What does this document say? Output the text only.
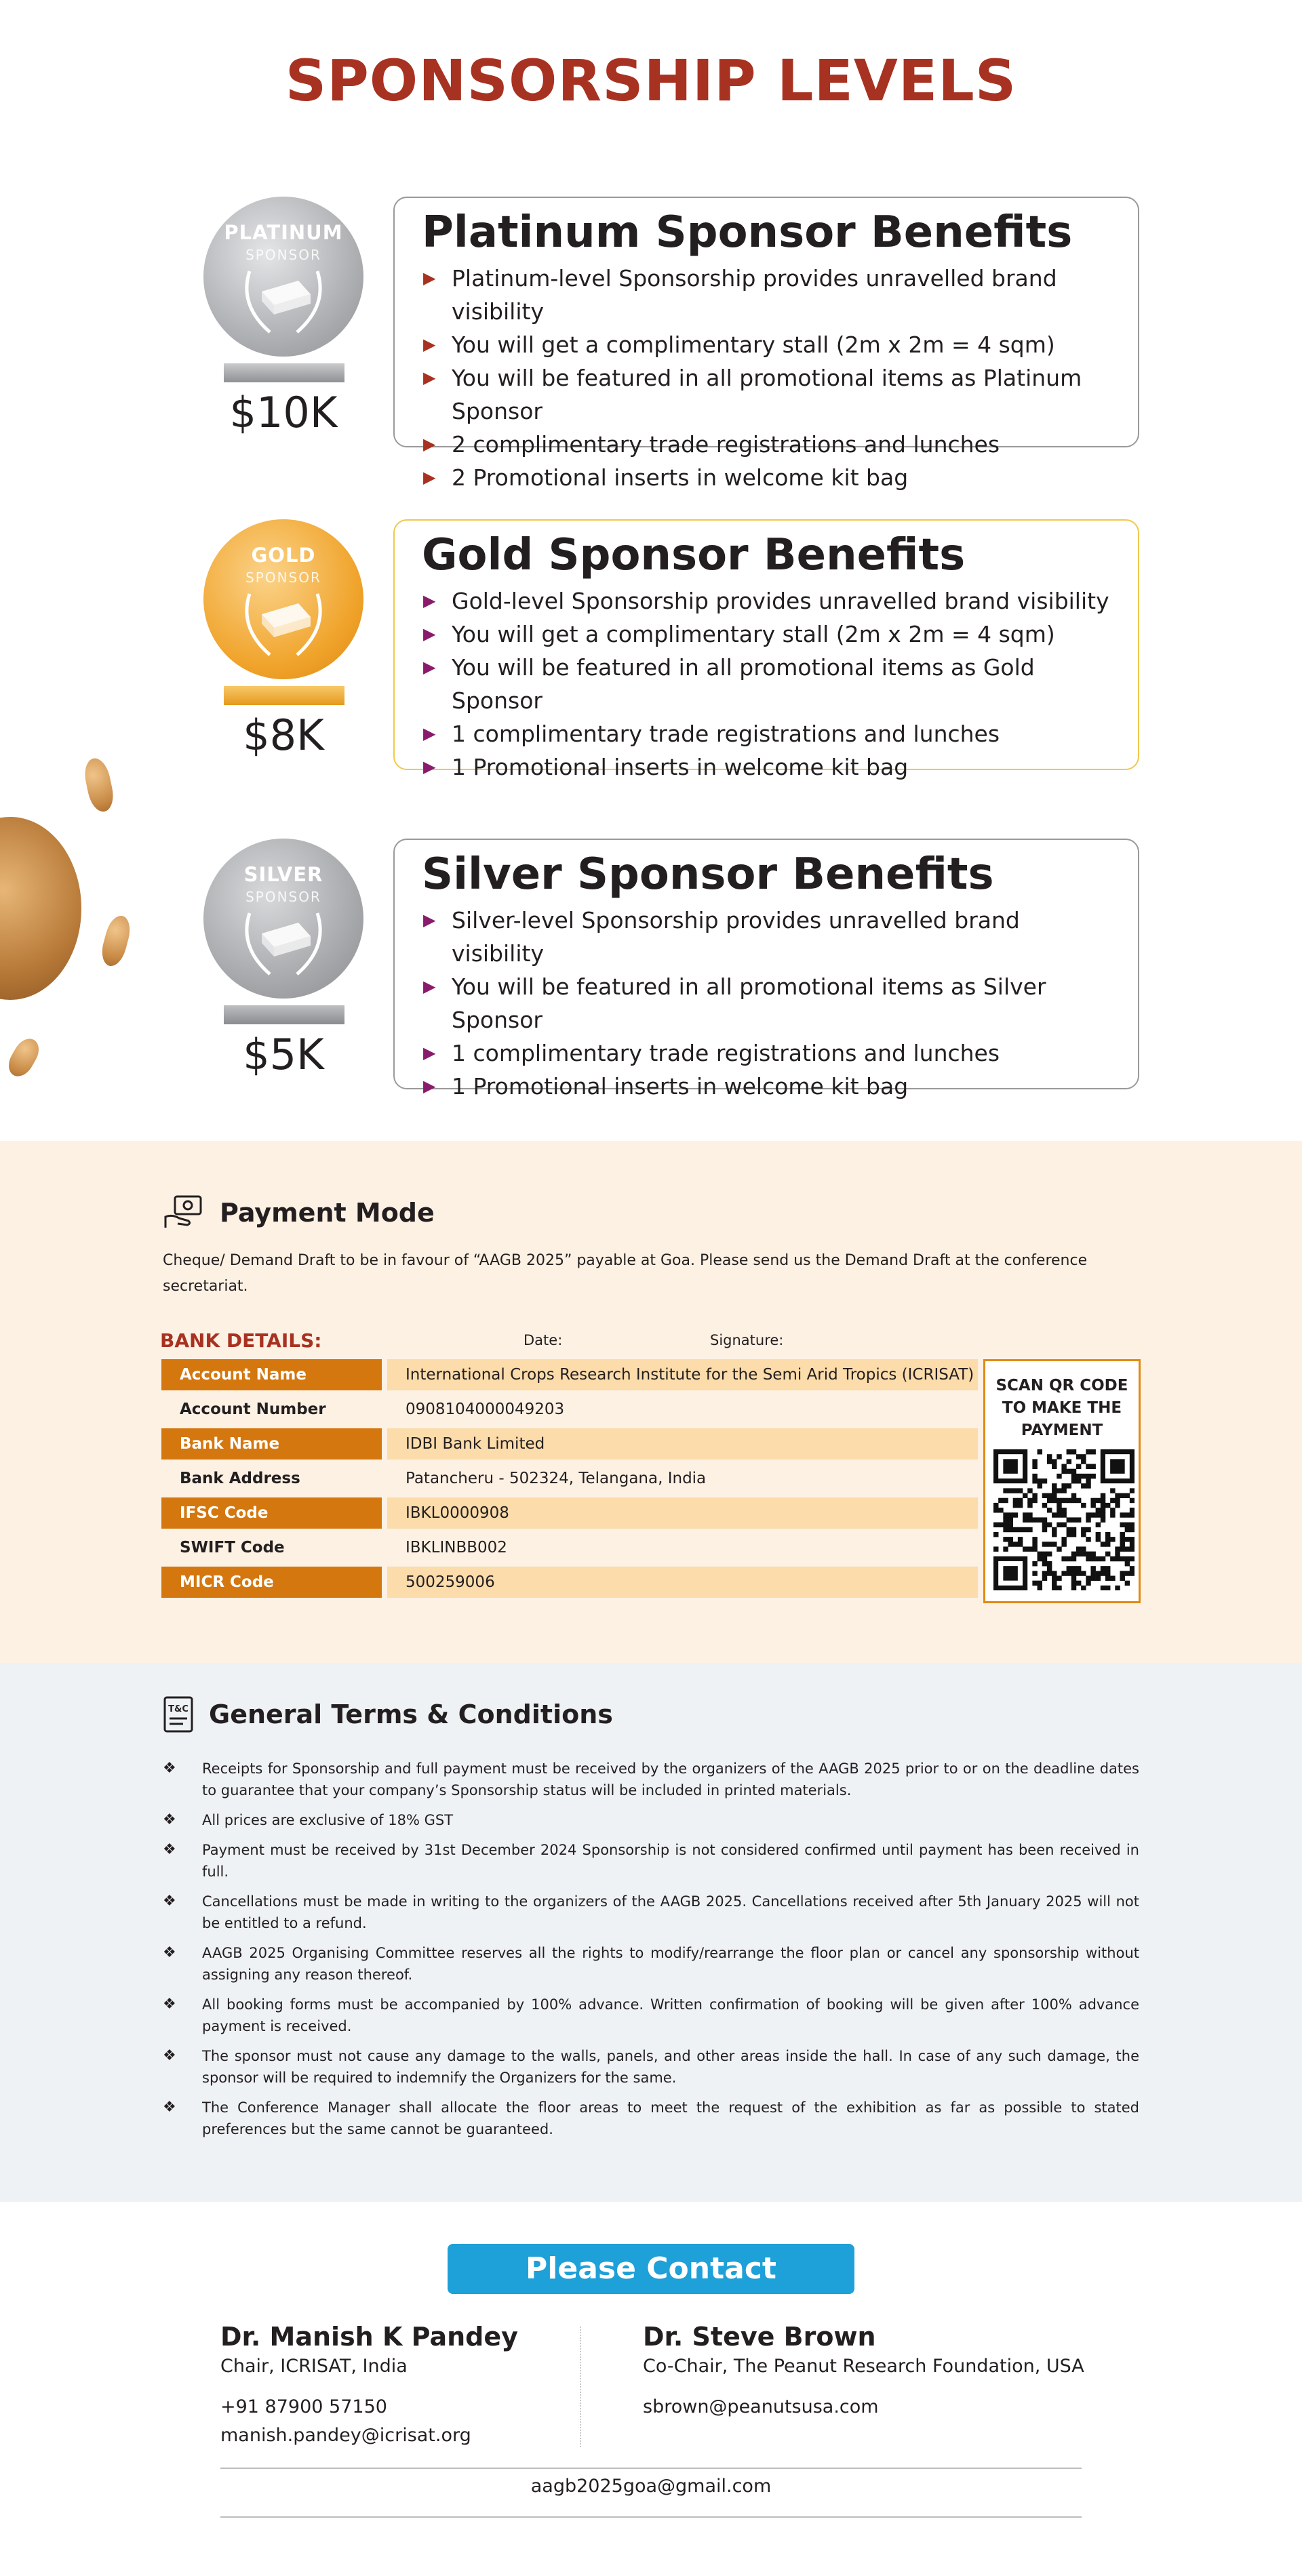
SPONSORSHIP LEVELS
PLATINUM
SPONSOR
$10K
Platinum Sponsor Benefits
▶ Platinum-level Sponsorship provides unravelled brand visibility
▶ You will get a complimentary stall (2m x 2m = 4 sqm)
▶ You will be featured in all promotional items as Platinum Sponsor
▶ 2 complimentary trade registrations and lunches
▶ 2 Promotional inserts in welcome kit bag
GOLD
SPONSOR
$8K
Gold Sponsor Benefits
▶ Gold-level Sponsorship provides unravelled brand visibility
▶ You will get a complimentary stall (2m x 2m = 4 sqm)
▶ You will be featured in all promotional items as Gold Sponsor
▶ 1 complimentary trade registrations and lunches
▶ 1 Promotional inserts in welcome kit bag
SILVER
SPONSOR
$5K
Silver Sponsor Benefits
▶ Silver-level Sponsorship provides unravelled brand visibility
▶ You will be featured in all promotional items as Silver Sponsor
▶ 1 complimentary trade registrations and lunches
▶ 1 Promotional inserts in welcome kit bag
Payment Mode
Cheque/ Demand Draft to be in favour of “AAGB 2025” payable at Goa. Please send us the Demand Draft at the conference secretariat.
BANK DETAILS:	Date:	Signature:
Account Name	International Crops Research Institute for the Semi Arid Tropics (ICRISAT)
Account Number	0908104000049203
Bank Name	IDBI Bank Limited
Bank Address	Patancheru - 502324, Telangana, India
IFSC Code	IBKL0000908
SWIFT Code	IBKLINBB002
MICR Code	500259006
SCAN QR CODE TO MAKE THE PAYMENT
T&C General Terms & Conditions
❖ Receipts for Sponsorship and full payment must be received by the organizers of the AAGB 2025 prior to or on the deadline dates to guarantee that your company’s Sponsorship status will be included in printed materials.
❖ All prices are exclusive of 18% GST
❖ Payment must be received by 31st December 2024 Sponsorship is not considered confirmed until payment has been received in full.
❖ Cancellations must be made in writing to the organizers of the AAGB 2025. Cancellations received after 5th January 2025 will not be entitled to a refund.
❖ AAGB 2025 Organising Committee reserves all the rights to modify/rearrange the floor plan or cancel any sponsorship without assigning any reason thereof.
❖ All booking forms must be accompanied by 100% advance. Written confirmation of booking will be given after 100% advance payment is received.
❖ The sponsor must not cause any damage to the walls, panels, and other areas inside the hall. In case of any such damage, the sponsor will be required to indemnify the Organizers for the same.
❖ The Conference Manager shall allocate the floor areas to meet the request of the exhibition as far as possible to stated preferences but the same cannot be guaranteed.
Please Contact
Dr. Manish K Pandey
Chair, ICRISAT, India
+91 87900 57150
manish.pandey@icrisat.org
Dr. Steve Brown
Co-Chair, The Peanut Research Foundation, USA
sbrown@peanutsusa.com
aagb2025goa@gmail.com
